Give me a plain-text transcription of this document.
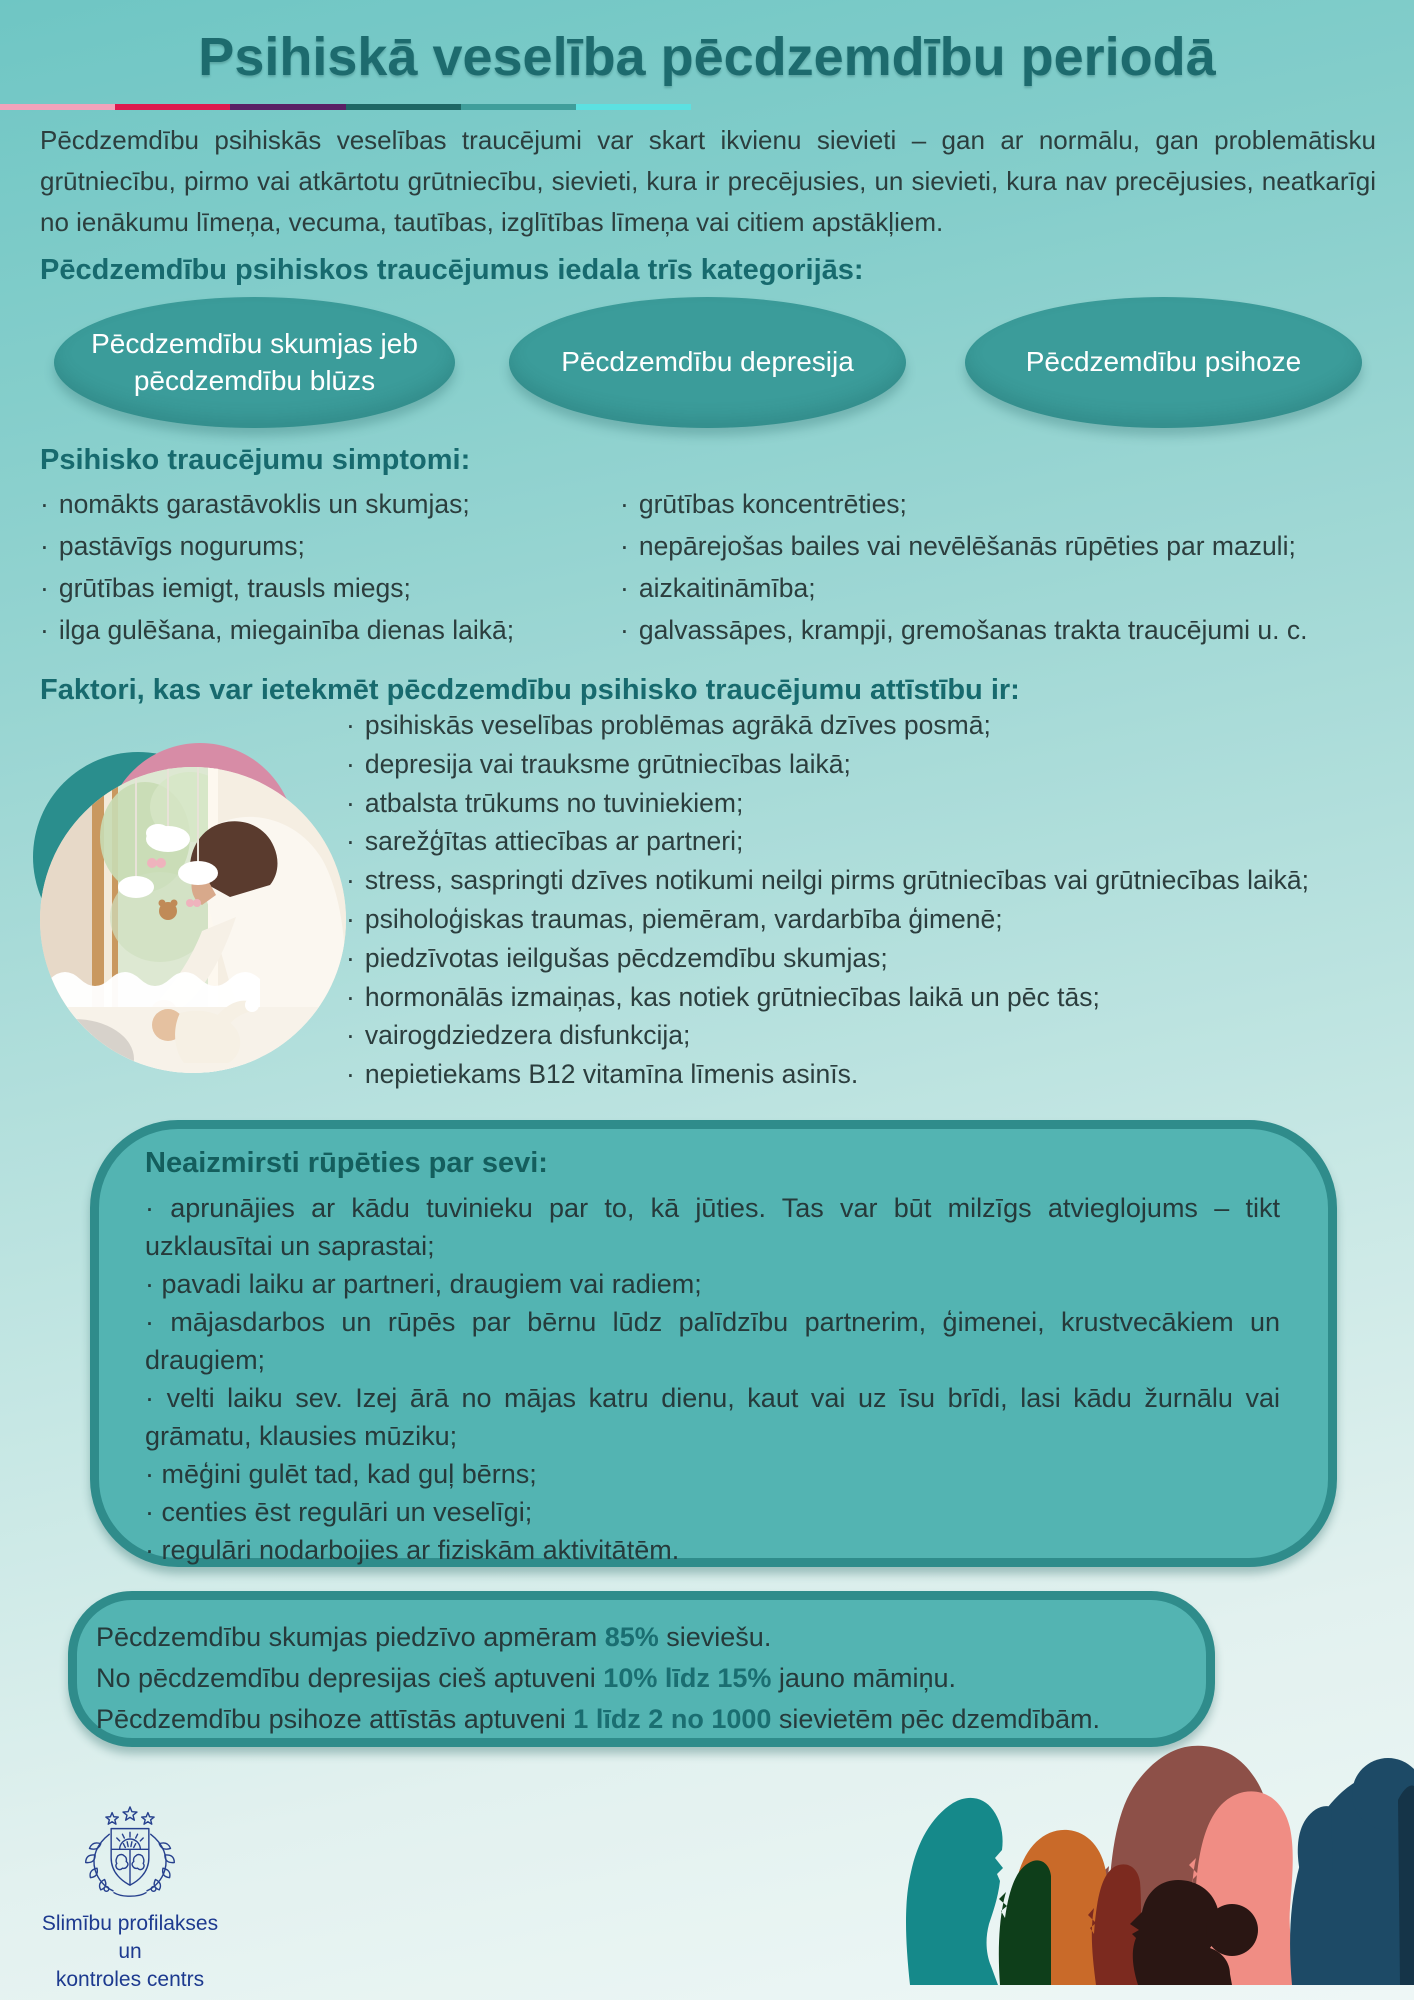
Psihiskā veselība pēcdzemdību periodā

Pēcdzemdību psihiskās veselības traucējumi var skart ikvienu sievieti – gan ar normālu, gan problemātisku grūtniecību, pirmo vai atkārtotu grūtniecību, sievieti, kura ir precējusies, un sievieti, kura nav precējusies, neatkarīgi no ienākumu līmeņa, vecuma, tautības, izglītības līmeņa vai citiem apstākļiem.

Pēcdzemdību psihiskos traucējumus iedala trīs kategorijās:
Pēcdzemdību skumjas jeb pēcdzemdību blūzs
Pēcdzemdību depresija	Pēcdzemdību psihoze
Psihisko traucējumu simptomi:
· nomākts garastāvoklis un skumjas;
· pastāvīgs nogurums;
· grūtības iemigt, trausls miegs;
· ilga gulēšana, miegainība dienas laikā;
· grūtības koncentrēties;
· nepārejošas bailes vai nevēlēšanās rūpēties par mazuli;
· aizkaitināmība;
· galvassāpes, krampji, gremošanas trakta traucējumi u. c.
Faktori, kas var ietekmēt pēcdzemdību psihisko traucējumu attīstību ir:
· psihiskās veselības problēmas agrākā dzīves posmā;
· depresija vai trauksme grūtniecības laikā;
· atbalsta trūkums no tuviniekiem;
· sarežģītas attiecības ar partneri;
· stress, saspringti dzīves notikumi neilgi pirms grūtniecības vai grūtniecības laikā;
· psiholoģiskas traumas, piemēram, vardarbība ģimenē;
· piedzīvotas ieilgušas pēcdzemdību skumjas;
· hormonālās izmaiņas, kas notiek grūtniecības laikā un pēc tās;
· vairogdziedzera disfunkcija;
· nepietiekams B12 vitamīna līmenis asinīs.
Neaizmirsti rūpēties par sevi:

· aprunājies ar kādu tuvinieku par to, kā jūties. Tas var būt milzīgs atvieglojums – tikt uzklausītai un saprastai;

· pavadi laiku ar partneri, draugiem vai radiem;

· mājasdarbos un rūpēs par bērnu lūdz palīdzību partnerim, ģimenei, krustvecākiem un draugiem;

· velti laiku sev. Izej ārā no mājas katru dienu, kaut vai uz īsu brīdi, lasi kādu žurnālu vai grāmatu, klausies mūziku;

· mēģini gulēt tad, kad guļ bērns;

· centies ēst regulāri un veselīgi;

· regulāri nodarbojies ar fiziskām aktivitātēm.

Pēcdzemdību skumjas piedzīvo apmēram 85% sieviešu.

No pēcdzemdību depresijas cieš aptuveni 10% līdz 15% jauno māmiņu.

Pēcdzemdību psihoze attīstās aptuveni 1 līdz 2 no 1000 sievietēm pēc dzemdībām.

Slimību profilakses un
kontroles centrs
